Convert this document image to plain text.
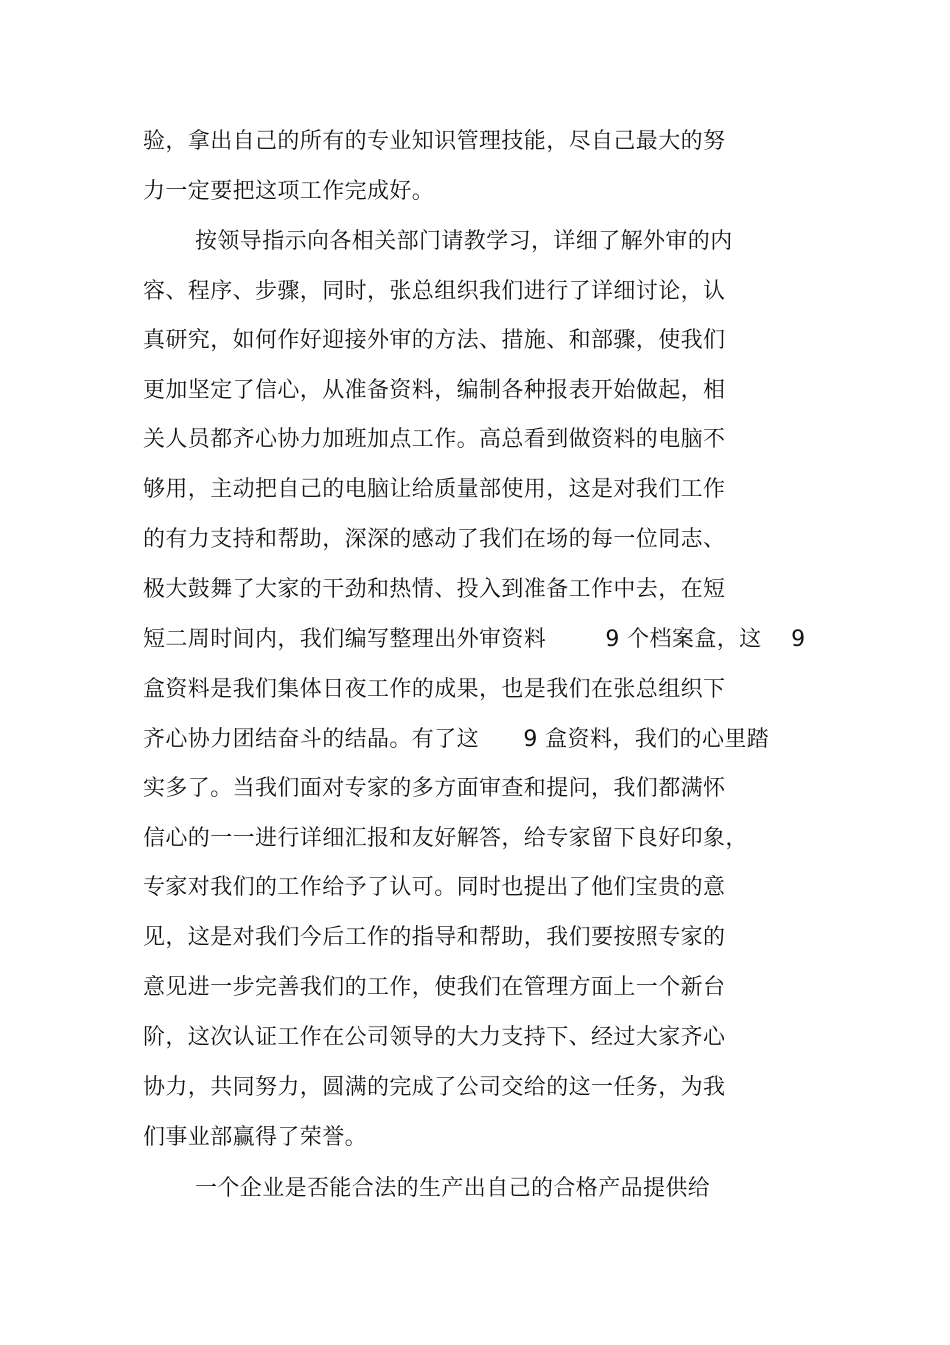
验，拿出自己的所有的专业知识管理技能，尽自己最大的努
力一定要把这项工作完成好。
按领导指示向各相关部门请教学习，详细了解外审的内
容、程序、步骤，同时，张总组织我们进行了详细讨论，认
真研究，如何作好迎接外审的方法、措施、和部骤，使我们
更加坚定了信心，从准备资料，编制各种报表开始做起，相
关人员都齐心协力加班加点工作。高总看到做资料的电脑不
够用，主动把自己的电脑让给质量部使用，这是对我们工作
的有力支持和帮助，深深的感动了我们在场的每一位同志、
极大鼓舞了大家的干劲和热情、投入到准备工作中去，在短
短二周时间内，我们编写整理出外审资料        9 个档案盒，这    9
盒资料是我们集体日夜工作的成果，也是我们在张总组织下
齐心协力团结奋斗的结晶。有了这      9 盒资料，我们的心里踏
实多了。当我们面对专家的多方面审查和提问，我们都满怀
信心的一一进行详细汇报和友好解答，给专家留下良好印象，
专家对我们的工作给予了认可。同时也提出了他们宝贵的意
见，这是对我们今后工作的指导和帮助，我们要按照专家的
意见进一步完善我们的工作，使我们在管理方面上一个新台
阶，这次认证工作在公司领导的大力支持下、经过大家齐心
协力，共同努力，圆满的完成了公司交给的这一任务，为我
们事业部赢得了荣誉。
一个企业是否能合法的生产出自己的合格产品提供给
